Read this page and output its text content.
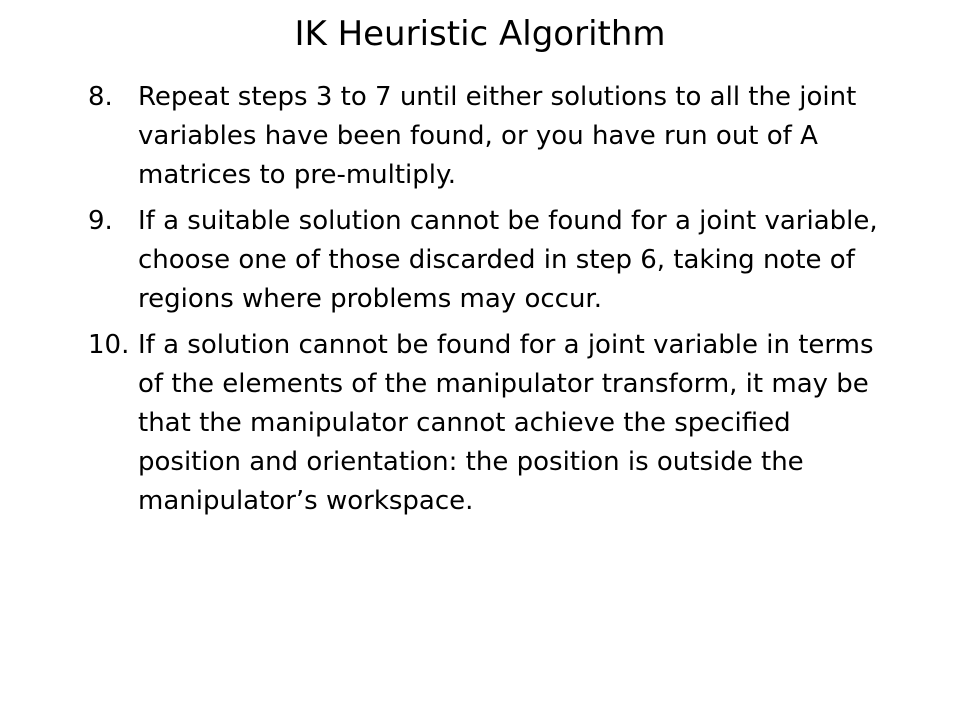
IK Heuristic Algorithm
8. Repeat steps 3 to 7 until either solutions to all the joint variables have been found, or you have run out of A matrices to pre-multiply.
9. If a suitable solution cannot be found for a joint variable, choose one of those discarded in step 6, taking note of regions where problems may occur.
10. If a solution cannot be found for a joint variable in terms of the elements of the manipulator transform, it may be that the manipulator cannot achieve the specified position and orientation: the position is outside the manipulator’s workspace.
